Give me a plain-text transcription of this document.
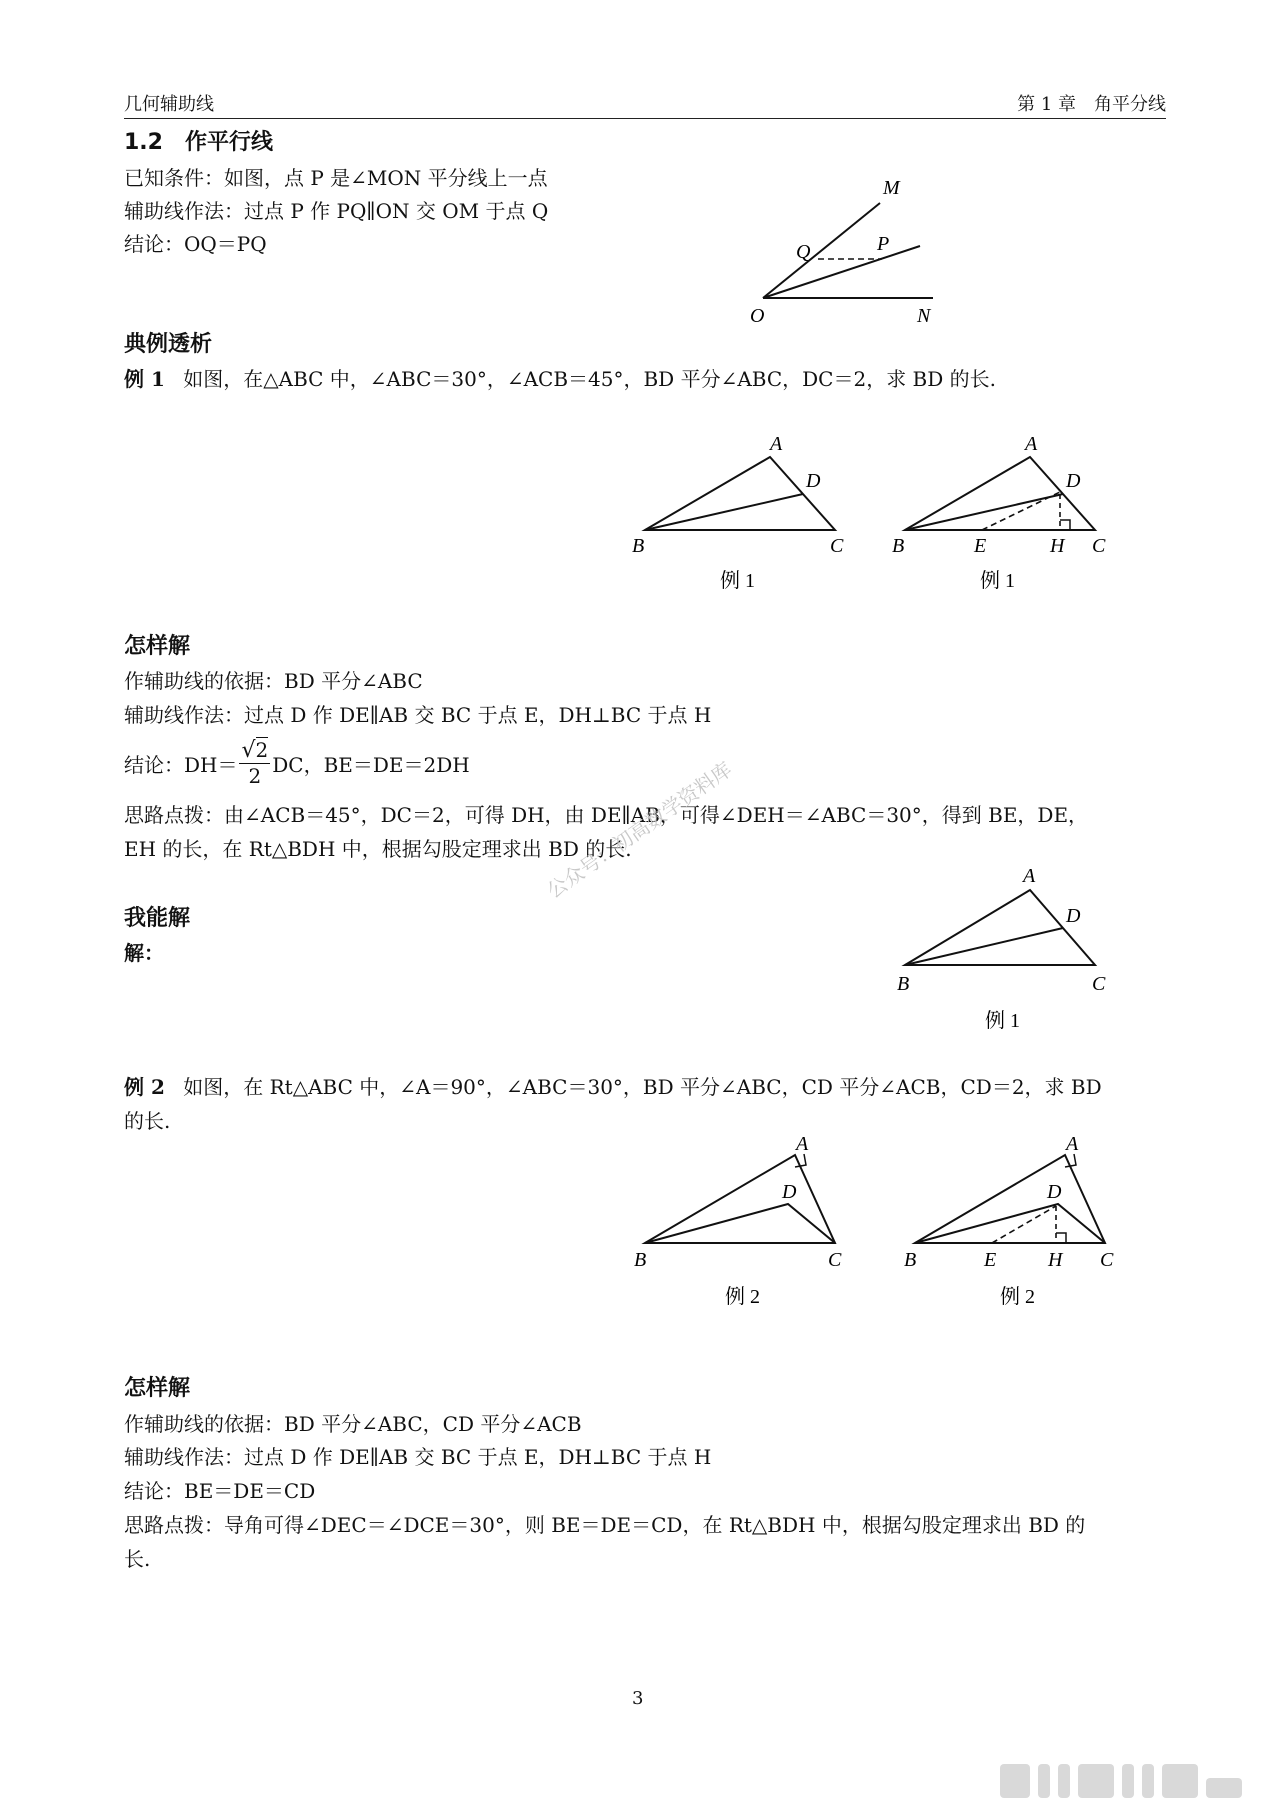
几何辅助线	第 1 章　角平分线
1.2　作平行线
已知条件：如图，点 P 是∠MON 平分线上一点
辅助线作法：过点 P 作 PQ∥ON 交 OM 于点 Q
结论：OQ＝PQ
M
Q	P
O	N
典例透析
例 1 如图，在△ABC 中，∠ABC＝30°，∠ACB＝45°，BD 平分∠ABC，DC＝2，求 BD 的长.
A
D
B	C
例 1
A
D
B	E	H C
例 1
怎样解
作辅助线的依据：BD 平分∠ABC
辅助线作法：过点 D 作 DE∥AB 交 BC 于点 E，DH⊥BC 于点 H
结论：$DH= \frac{√2}{2}$ DC，BE＝DE＝2DH
思路点拨：由∠ACB＝45°，DC＝2，可得 DH，由 DE∥AB，可得∠DEH＝∠ABC＝30°，得到 BE，DE，
EH 的长，在 Rt△BDH 中，根据勾股定理求出 BD 的长.
我能解
解：
公众号：初高数学资料库	A
D
B	C
例 1
例 2 如图，在 Rt△ABC 中，∠A＝90°，∠ABC＝30°，BD 平分∠ABC，CD 平分∠ACB，CD＝2，求 BD
的长.
A
D
B	C
例 2
A
D
B	E	H C
例 2
怎样解
作辅助线的依据：BD 平分∠ABC，CD 平分∠ACB
辅助线作法：过点 D 作 DE∥AB 交 BC 于点 E，DH⊥BC 于点 H
结论：BE＝DE＝CD
思路点拨：导角可得∠DEC＝∠DCE＝30°，则 BE＝DE＝CD，在 Rt△BDH 中，根据勾股定理求出 BD 的
长.
3
